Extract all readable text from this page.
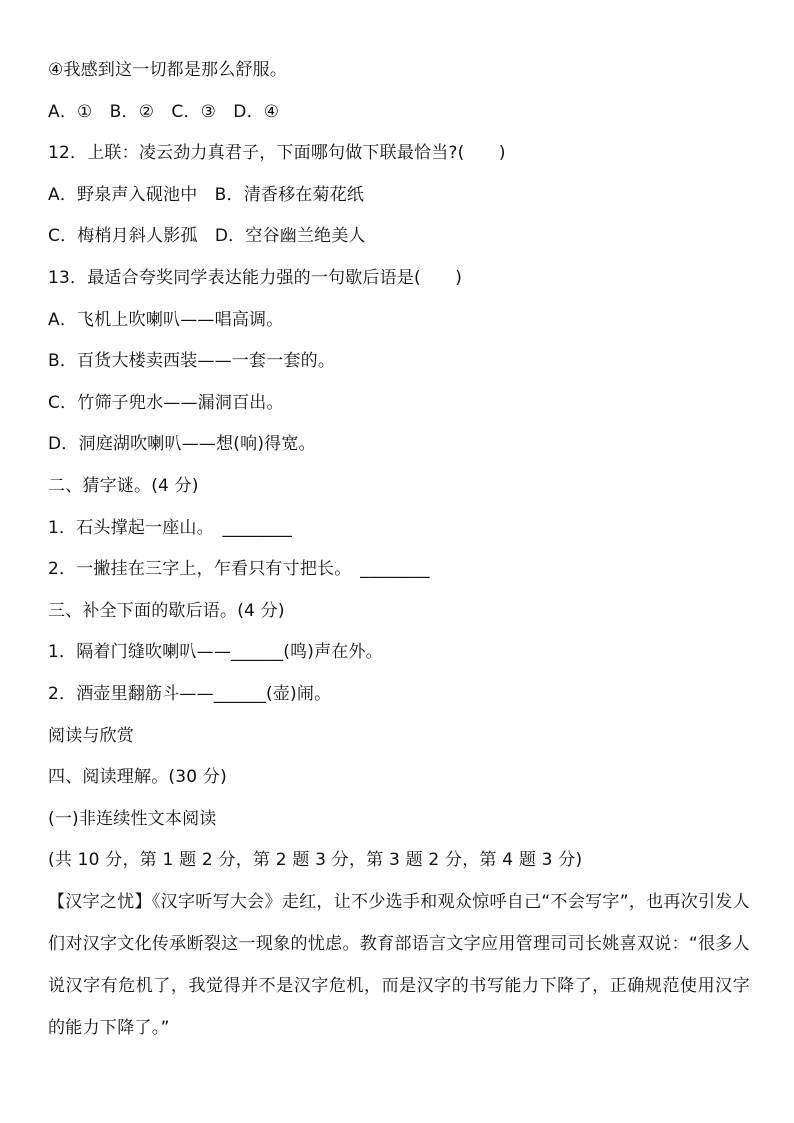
④我感到这一切都是那么舒服。
A．①　B．②　C．③　D．④
12．上联：凌云劲力真君子，下面哪句做下联最恰当?(　　)
A．野泉声入砚池中　B．清香移在菊花纸
C．梅梢月斜人影孤　D．空谷幽兰绝美人
13．最适合夸奖同学表达能力强的一句歇后语是(　　)
A．飞机上吹喇叭——唱高调。
B．百货大楼卖西装——一套一套的。
C．竹筛子兜水——漏洞百出。
D．洞庭湖吹喇叭——想(响)得宽。
二、猜字谜。(4 分)
1．石头撑起一座山。　________
2．一撇挂在三字上，乍看只有寸把长。　________
三、补全下面的歇后语。(4 分)
1．隔着门缝吹喇叭——______(鸣)声在外。
2．酒壶里翻筋斗——______(壶)闹。
阅读与欣赏
四、阅读理解。(30 分)
(一)非连续性文本阅读
(共 10 分，第 1 题 2 分，第 2 题 3 分，第 3 题 2 分，第 4 题 3 分)
【汉字之忧】《汉字听写大会》走红，让不少选手和观众惊呼自己“不会写字”，也再次引发人们对汉字文化传承断裂这一现象的忧虑。教育部语言文字应用管理司司长姚喜双说：“很多人说汉字有危机了，我觉得并不是汉字危机，而是汉字的书写能力下降了，正确规范使用汉字的能力下降了。”
